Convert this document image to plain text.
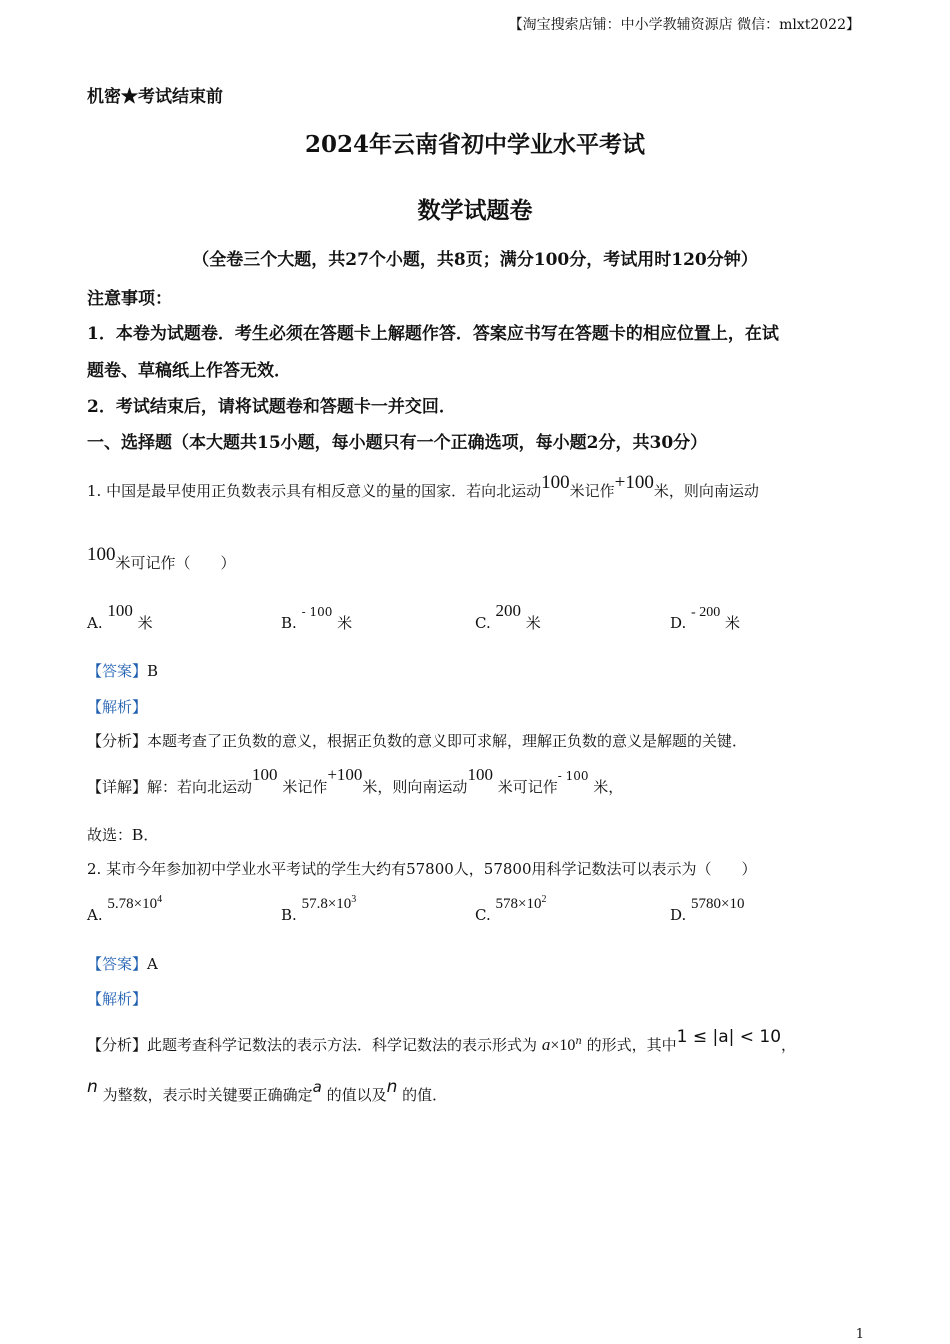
【淘宝搜索店铺：中小学教辅资源店 微信：mlxt2022】
机密★考试结束前
2024年云南省初中学业水平考试
数学试题卷
（全卷三个大题，共27个小题，共8页；满分100分，考试用时120分钟）
注意事项：
1．本卷为试题卷．考生必须在答题卡上解题作答．答案应书写在答题卡的相应位置上，在试
题卷、草稿纸上作答无效．
2．考试结束后，请将试题卷和答题卡一并交回．
一、选择题（本大题共15小题，每小题只有一个正确选项，每小题2分，共30分）
1. 中国是最早使用正负数表示具有相反意义的量的国家．若向北运动100米记作+100米，则向南运动
100米可记作（　　）
A. 100 米	B. $^{- 100}$ 米	C. 200 米	D. - 200 米
【答案】B
【解析】
【分析】本题考查了正负数的意义，根据正负数的意义即可求解，理解正负数的意义是解题的关键．
【详解】解：若向北运动100 米记作+100米，则向南运动100 米可记作$^{- 100}$ 米，
故选：B．
2. 某市今年参加初中学业水平考试的学生大约有57800人，57800用科学记数法可以表示为（　　）
A. $5.78\times 10^4$
B. $57.8\times 10^3$
C. $578\times 10^2$
D. 5780×10
【答案】A
【解析】
【分析】此题考查科学记数法的表示方法．科学记数法的表示形式为 $a\times 10^n$ 的形式，其中1 ≤ |a| < 10，
n 为整数，表示时关键要正确确定a 的值以及n 的值．
1
